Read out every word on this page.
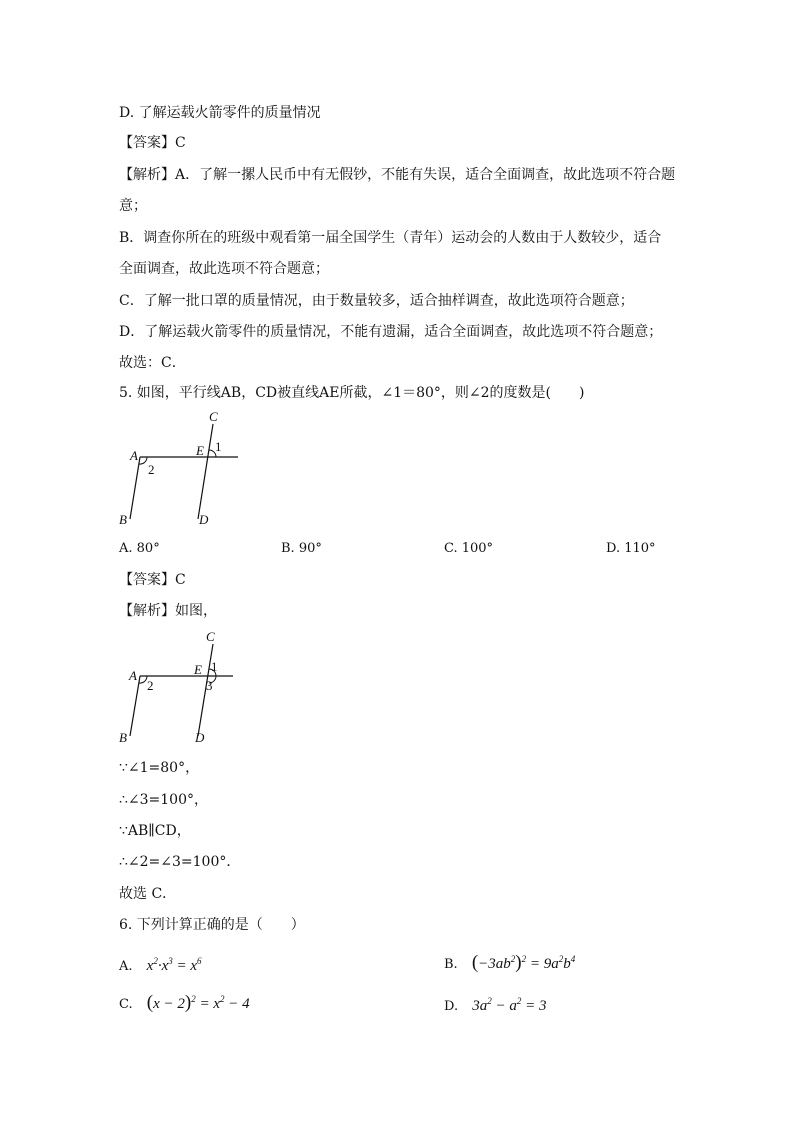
D. 了解运载火箭零件的质量情况
【答案】C
【解析】A．了解一摞人民币中有无假钞，不能有失误，适合全面调查，故此选项不符合题
意；
B．调查你所在的班级中观看第一届全国学生（青年）运动会的人数由于人数较少，适合
全面调查，故此选项不符合题意；
C．了解一批口罩的质量情况，由于数量较多，适合抽样调查，故此选项符合题意；
D．了解运载火箭零件的质量情况，不能有遗漏，适合全面调查，故此选项不符合题意；
故选：C．
5. 如图，平行线AB，CD被直线AE所截，∠1＝80°，则∠2的度数是(　　)
C
E 1
A
2
B	D
A. 80°	B. 90°	C. 100°	D. 110°
【答案】C
【解析】如图，
C
E 1
A
2	3
B	D
∵∠1=80°，
∴∠3=100°，
∵AB∥CD，
∴∠2=∠3=100°．
故选 C．
6. 下列计算正确的是（　　）
A. $x^2\cdot x^3 = x^6$	B. $(-3ab^2)^2 = 9a^2b^4$
C. $(x - 2)^2 = x^2 - 4$	D. $3a^2 - a^2 = 3$
